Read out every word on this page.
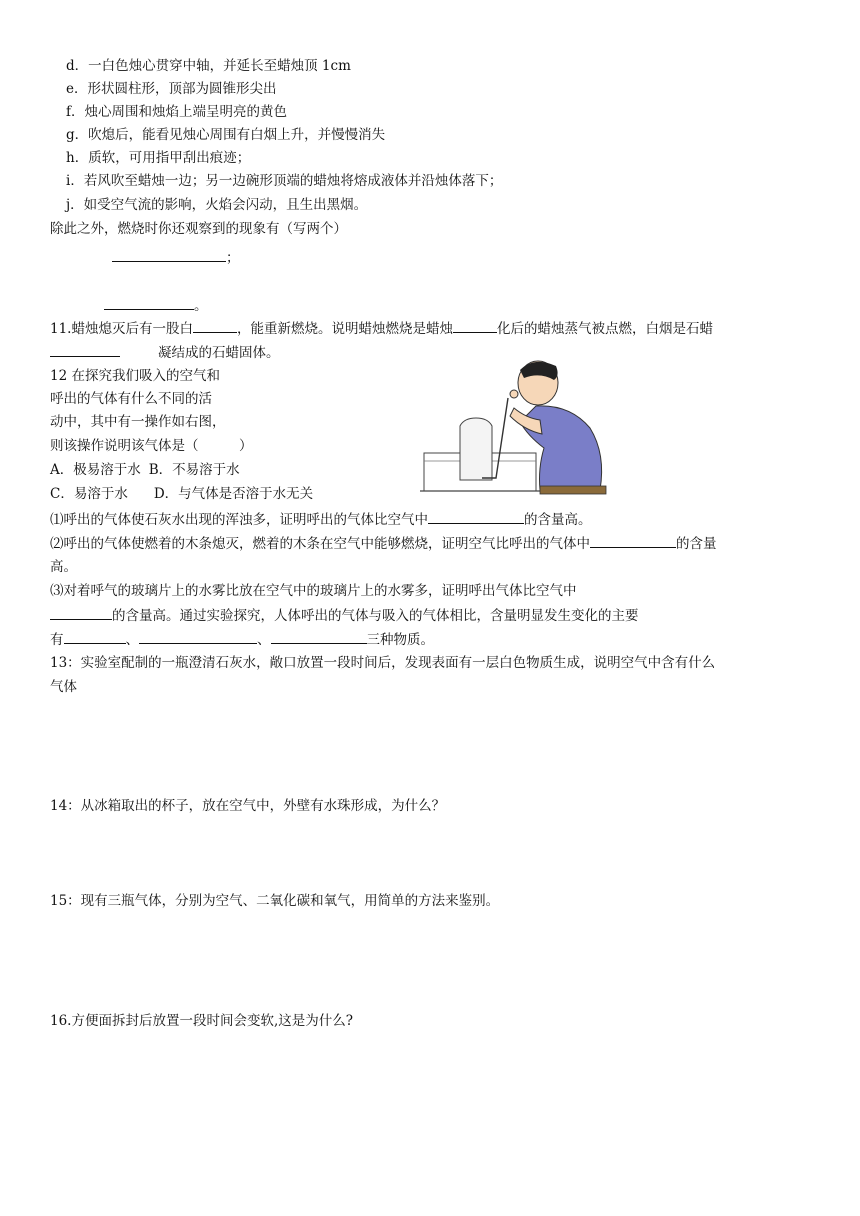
d．一白色烛心贯穿中轴，并延长至蜡烛顶 1cm
e．形状圆柱形，顶部为圆锥形尖出
f．烛心周围和烛焰上端呈明亮的黄色
g．吹熄后，能看见烛心周围有白烟上升，并慢慢消失
h．质软，可用指甲刮出痕迹；
i．若风吹至蜡烛一边；另一边碗形顶端的蜡烛将熔成液体并沿烛体落下；
j．如受空气流的影响，火焰会闪动，且生出黑烟。
除此之外，燃烧时你还观察到的现象有（写两个）
；
。
11.蜡烛熄灭后有一股白	，能重新燃烧。说明蜡烛燃烧是蜡烛	化后的蜡烛蒸气被点燃，白烟是石蜡
凝结成的石蜡固体。
12 在探究我们吸入的空气和
呼出的气体有什么不同的活
动中，其中有一操作如右图，
则该操作说明该气体是（　　　）
A．极易溶于水 B．不易溶于水
C．易溶于水 D．与气体是否溶于水无关
⑴呼出的气体使石灰水出现的浑浊多，证明呼出的气体比空气中	的含量高。
⑵呼出的气体使燃着的木条熄灭，燃着的木条在空气中能够燃烧，证明空气比呼出的气体中	的含量
高。
⑶对着呼气的玻璃片上的水雾比放在空气中的玻璃片上的水雾多，证明呼出气体比空气中
的含量高。通过实验探究，人体呼出的气体与吸入的气体相比，含量明显发生变化的主要
有	、	、	三种物质。
13：实验室配制的一瓶澄清石灰水，敞口放置一段时间后，发现表面有一层白色物质生成，说明空气中含有什么
气体
14：从冰箱取出的杯子，放在空气中，外壁有水珠形成，为什么？
15：现有三瓶气体，分别为空气、二氧化碳和氧气，用简单的方法来鉴别。
16.方便面拆封后放置一段时间会变软,这是为什么?
